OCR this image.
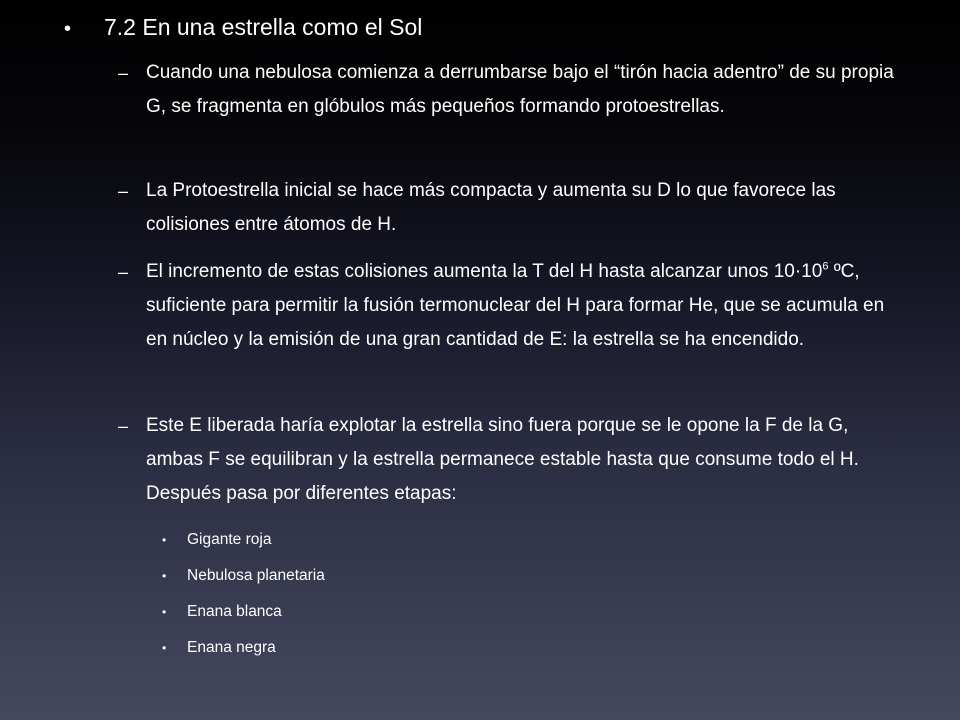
•	7.2 En una estrella como el Sol
– Cuando una nebulosa comienza a derrumbarse bajo el “tirón hacia adentro” de su propia G, se fragmenta en glóbulos más pequeños formando protoestrellas.
– La Protoestrella inicial se hace más compacta y aumenta su D lo que favorece las colisiones entre átomos de H.
– El incremento de estas colisiones aumenta la T del H hasta alcanzar unos $10\cdot 10^6$ ºC, suficiente para permitir la fusión termonuclear del H para formar He, que se acumula en en núcleo y la emisión de una gran cantidad de E: la estrella se ha encendido.
– Este E liberada haría explotar la estrella sino fuera porque se le opone la F de la G, ambas F se equilibran y la estrella permanece estable hasta que consume todo el H. Después pasa por diferentes etapas:
•	Gigante roja
•	Nebulosa planetaria
•	Enana blanca
•	Enana negra
